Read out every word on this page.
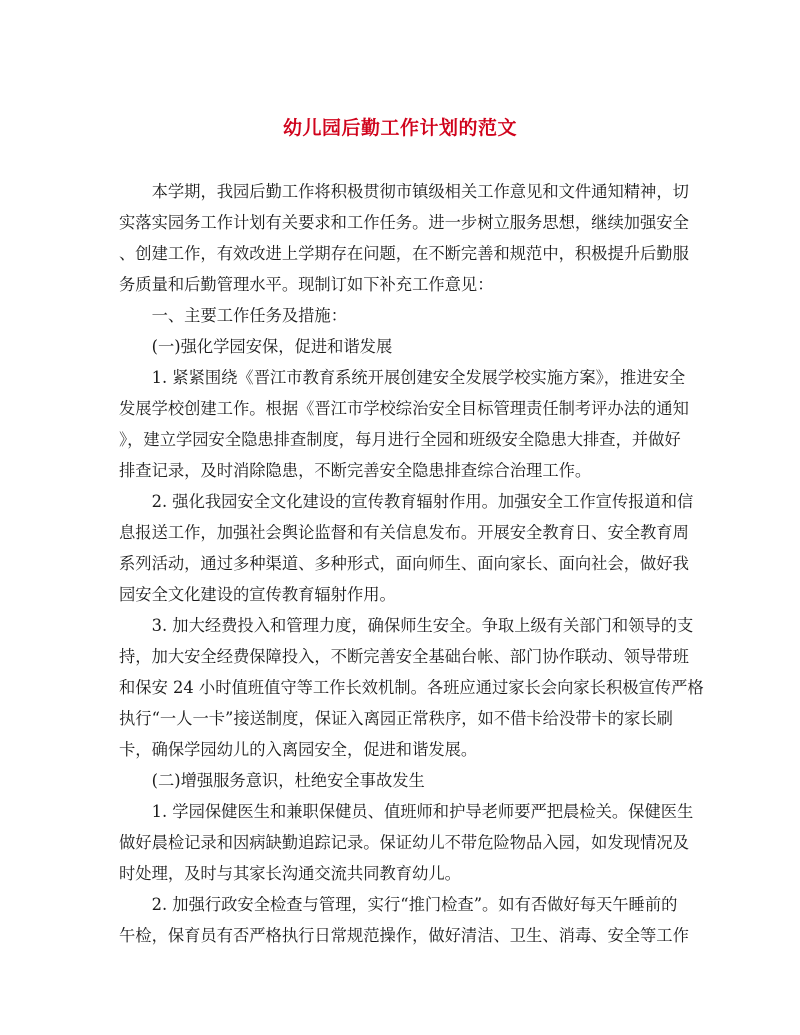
幼儿园后勤工作计划的范文

本学期，我园后勤工作将积极贯彻市镇级相关工作意见和文件通知精神，切
实落实园务工作计划有关要求和工作任务。进一步树立服务思想，继续加强安全
、创建工作，有效改进上学期存在问题，在不断完善和规范中，积极提升后勤服
务质量和后勤管理水平。现制订如下补充工作意见：

一、主要工作任务及措施：

(一)强化学园安保，促进和谐发展

1. 紧紧围绕《晋江市教育系统开展创建安全发展学校实施方案》，推进安全
发展学校创建工作。根据《晋江市学校综治安全目标管理责任制考评办法的通知
》，建立学园安全隐患排查制度，每月进行全园和班级安全隐患大排查，并做好
排查记录，及时消除隐患，不断完善安全隐患排查综合治理工作。

2. 强化我园安全文化建设的宣传教育辐射作用。加强安全工作宣传报道和信
息报送工作，加强社会舆论监督和有关信息发布。开展安全教育日、安全教育周
系列活动，通过多种渠道、多种形式，面向师生、面向家长、面向社会，做好我
园安全文化建设的宣传教育辐射作用。

3. 加大经费投入和管理力度，确保师生安全。争取上级有关部门和领导的支
持，加大安全经费保障投入，不断完善安全基础台帐、部门协作联动、领导带班
和保安 24 小时值班值守等工作长效机制。各班应通过家长会向家长积极宣传严格
执行“一人一卡”接送制度，保证入离园正常秩序，如不借卡给没带卡的家长刷
卡，确保学园幼儿的入离园安全，促进和谐发展。

(二)增强服务意识，杜绝安全事故发生

1. 学园保健医生和兼职保健员、值班师和护导老师要严把晨检关。保健医生
做好晨检记录和因病缺勤追踪记录。保证幼儿不带危险物品入园，如发现情况及
时处理，及时与其家长沟通交流共同教育幼儿。

2. 加强行政安全检查与管理，实行“推门检查”。如有否做好每天午睡前的
午检，保育员有否严格执行日常规范操作，做好清洁、卫生、消毒、安全等工作
